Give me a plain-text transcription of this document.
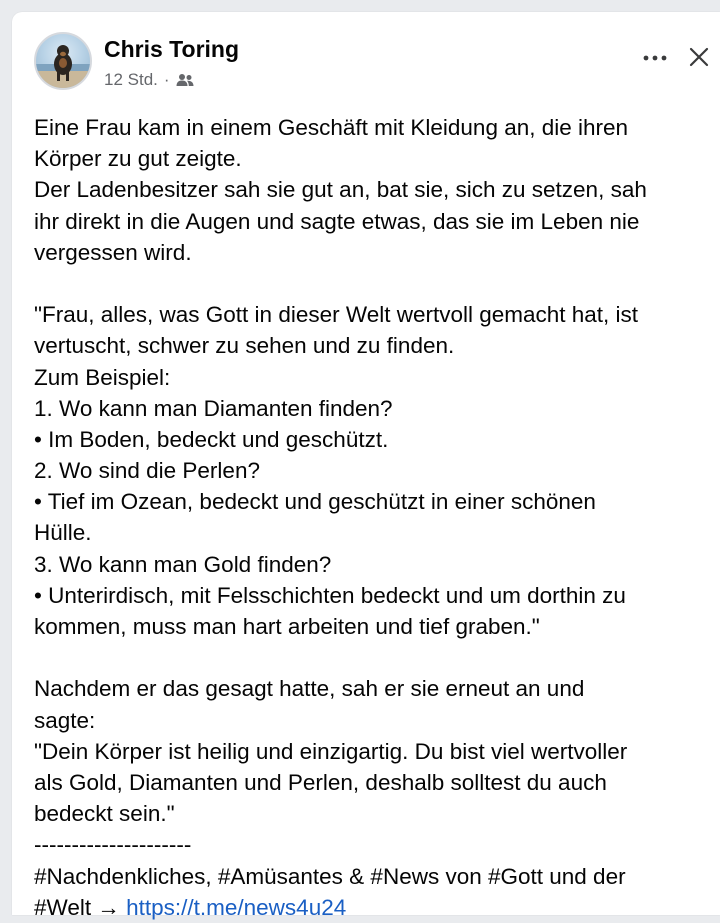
Chris Toring
12 Std. ·
Eine Frau kam in einem Geschäft mit Kleidung an, die ihren
Körper zu gut zeigte.
Der Ladenbesitzer sah sie gut an, bat sie, sich zu setzen, sah
ihr direkt in die Augen und sagte etwas, das sie im Leben nie
vergessen wird.
"Frau, alles, was Gott in dieser Welt wertvoll gemacht hat, ist
vertuscht, schwer zu sehen und zu finden.
Zum Beispiel:
1. Wo kann man Diamanten finden?
• Im Boden, bedeckt und geschützt.
2. Wo sind die Perlen?
• Tief im Ozean, bedeckt und geschützt in einer schönen
Hülle.
3. Wo kann man Gold finden?
• Unterirdisch, mit Felsschichten bedeckt und um dorthin zu
kommen, muss man hart arbeiten und tief graben."
Nachdem er das gesagt hatte, sah er sie erneut an und
sagte:
"Dein Körper ist heilig und einzigartig. Du bist viel wertvoller
als Gold, Diamanten und Perlen, deshalb solltest du auch
bedeckt sein."
---------------------
#Nachdenkliches, #Amüsantes & #News von #Gott und der
#Welt → https://t.me/news4u24
